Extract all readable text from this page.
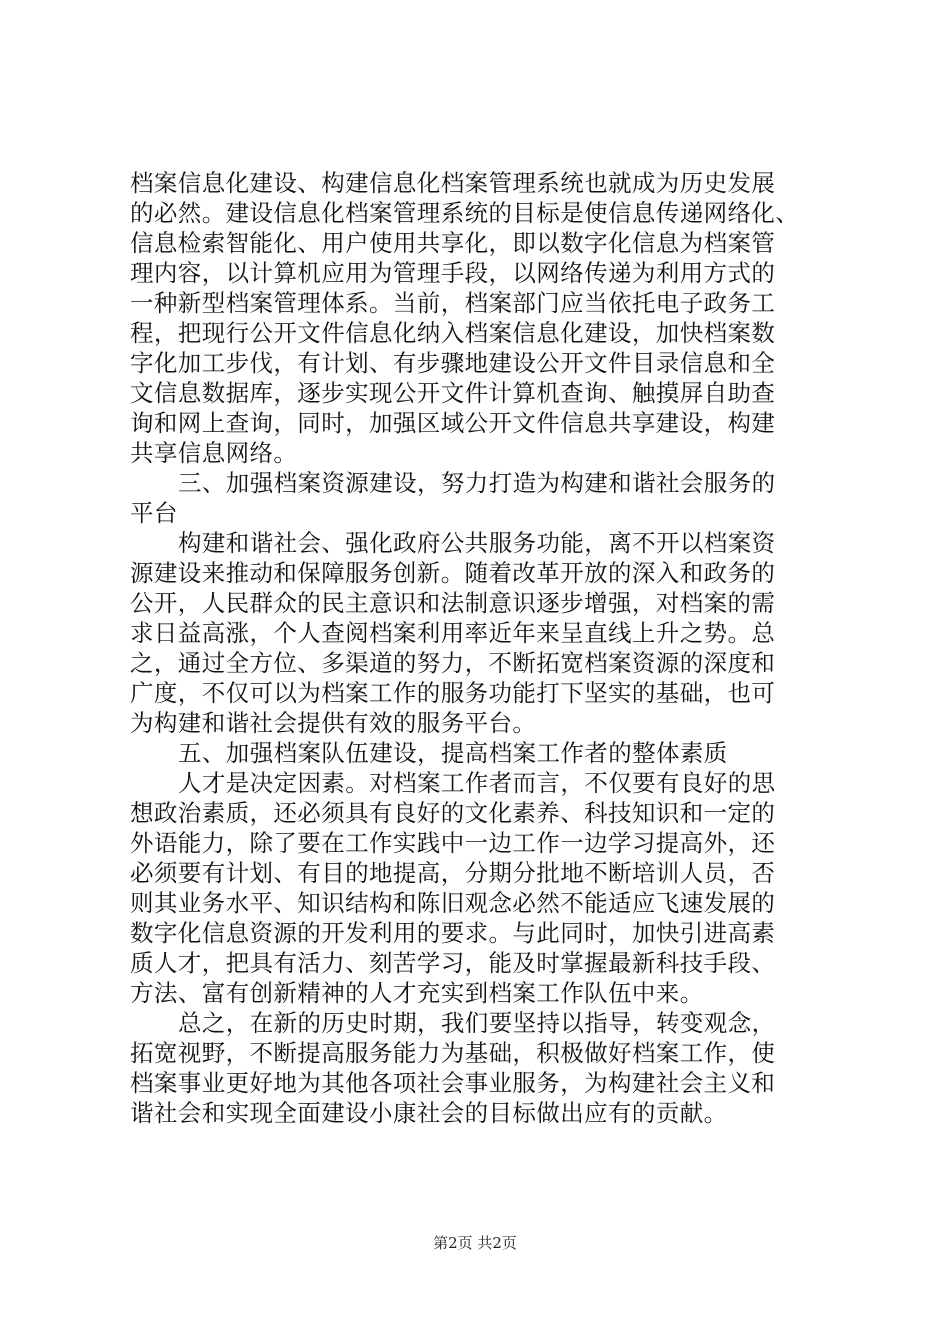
档案信息化建设、构建信息化档案管理系统也就成为历史发展
的必然。建设信息化档案管理系统的目标是使信息传递网络化、
信息检索智能化、用户使用共享化，即以数字化信息为档案管
理内容，以计算机应用为管理手段，以网络传递为利用方式的
一种新型档案管理体系。当前，档案部门应当依托电子政务工
程，把现行公开文件信息化纳入档案信息化建设，加快档案数
字化加工步伐，有计划、有步骤地建设公开文件目录信息和全
文信息数据库，逐步实现公开文件计算机查询、触摸屏自助查
询和网上查询，同时，加强区域公开文件信息共享建设，构建
共享信息网络。
三、加强档案资源建设，努力打造为构建和谐社会服务的
平台
构建和谐社会、强化政府公共服务功能，离不开以档案资
源建设来推动和保障服务创新。随着改革开放的深入和政务的
公开，人民群众的民主意识和法制意识逐步增强，对档案的需
求日益高涨，个人查阅档案利用率近年来呈直线上升之势。总
之，通过全方位、多渠道的努力，不断拓宽档案资源的深度和
广度，不仅可以为档案工作的服务功能打下坚实的基础，也可
为构建和谐社会提供有效的服务平台。
五、加强档案队伍建设，提高档案工作者的整体素质
人才是决定因素。对档案工作者而言，不仅要有良好的思
想政治素质，还必须具有良好的文化素养、科技知识和一定的
外语能力，除了要在工作实践中一边工作一边学习提高外，还
必须要有计划、有目的地提高，分期分批地不断培训人员，否
则其业务水平、知识结构和陈旧观念必然不能适应飞速发展的
数字化信息资源的开发利用的要求。与此同时，加快引进高素
质人才，把具有活力、刻苦学习，能及时掌握最新科技手段、
方法、富有创新精神的人才充实到档案工作队伍中来。
总之，在新的历史时期，我们要坚持以指导，转变观念，
拓宽视野，不断提高服务能力为基础，积极做好档案工作，使
档案事业更好地为其他各项社会事业服务，为构建社会主义和
谐社会和实现全面建设小康社会的目标做出应有的贡献。
第2页 共2页
